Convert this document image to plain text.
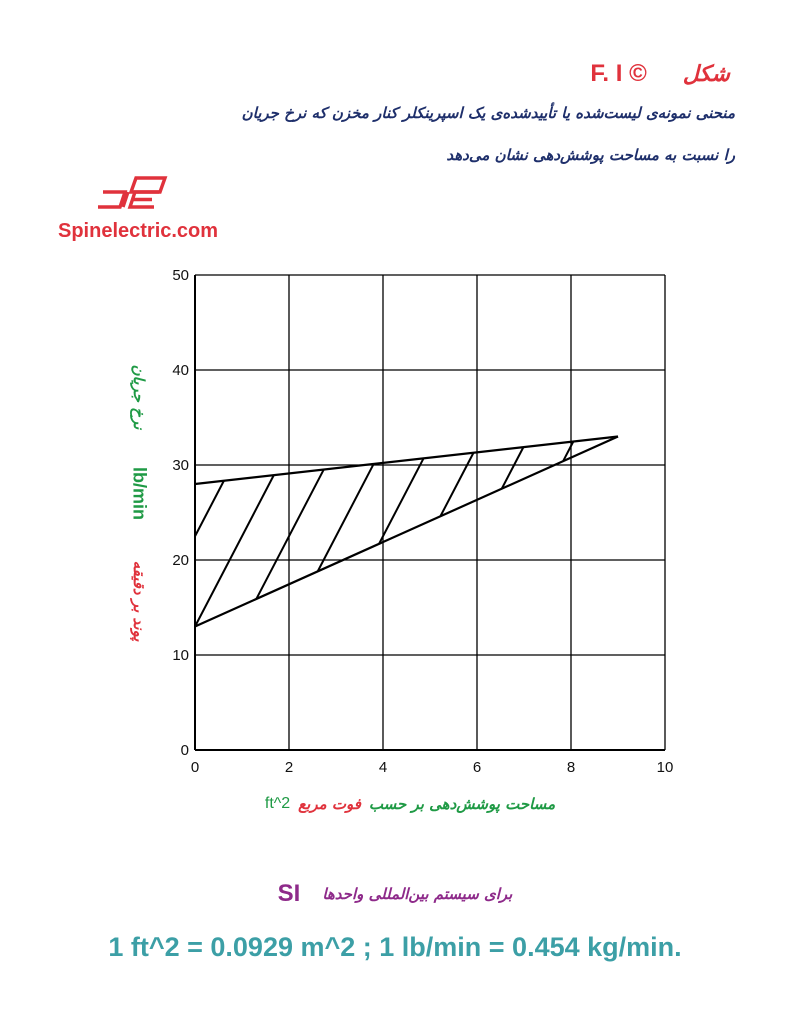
F. I © شکل
منحنی نمونه‌ی لیست‌شده یا تأییدشده‌ی یک اسپرینکلر کنار مخزن که نرخ جریان
را نسبت به مساحت پوشش‌دهی نشان می‌دهد
Spinelectric.com
نرخ جریان
lb/min
پوند بر دقیقه
0	2	4	6	8	10
0
10
20
30
40
50
ft^2 فوت مربع مساحت پوشش‌دهی بر حسب
SI برای سیستم بین‌المللی واحدها
1 ft^2 = 0.0929 m^2 ; 1 lb/min = 0.454 kg/min.
